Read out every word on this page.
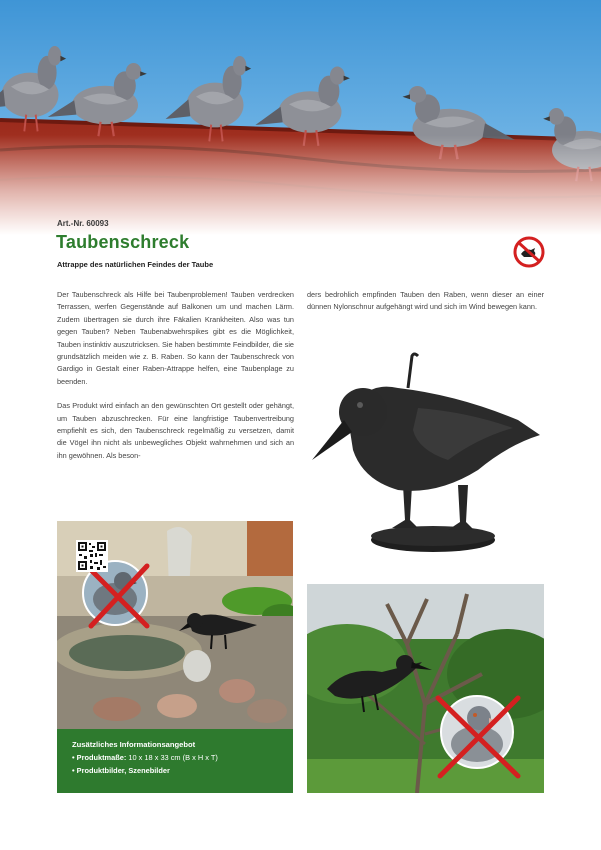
Art.-Nr. 60093
Taubenschreck
Attrappe des natürlichen Feindes der Taube

Der Taubenschreck als Hilfe bei Taubenproblemen! Tauben verdrecken Terrassen, werfen Gegenstände auf Balkonen um und machen Lärm. Zudem übertragen sie durch ihre Fäkalien Krankheiten. Also was tun gegen Tauben? Neben Taubenabwehrspikes gibt es die Möglichkeit, Tauben instinktiv auszutricksen. Sie haben bestimmte Feindbilder, die sie grundsätzlich meiden wie z. B. Raben. So kann der Taubenschreck von Gardigo in Gestalt einer Raben-Attrappe helfen, eine Taubenplage zu beenden.

Das Produkt wird einfach an den gewünschten Ort gestellt oder gehängt, um Tauben abzuschrecken. Für eine langfristige Taubenvertreibung empfiehlt es sich, den Taubenschreck regelmäßig zu versetzen, damit die Vögel ihn nicht als unbewegliches Objekt wahrnehmen und sich an ihn gewöhnen. Als beson-

ders bedrohlich empfinden Tauben den Raben, wenn dieser an einer dünnen Nylonschnur aufgehängt wird und sich im Wind bewegen kann.

Zusätzliches Informationsangebot
• Produktmaße: 10 x 18 x 33 cm (B x H x T)
• Produktbilder, Szenebilder
